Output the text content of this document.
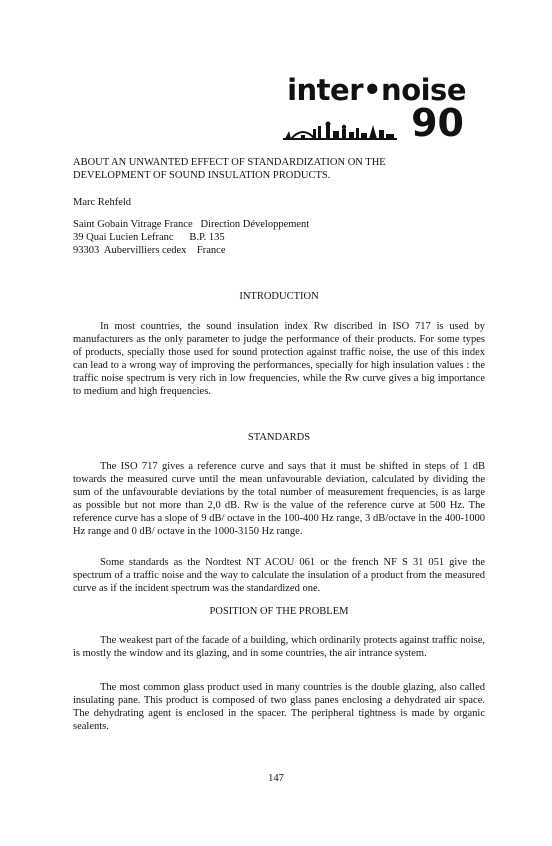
inter•noise
90
ABOUT AN UNWANTED EFFECT OF STANDARDIZATION ON THE
DEVELOPMENT OF SOUND INSULATION PRODUCTS.
Marc Rehfeld
Saint Gobain Vitrage France   Direction Développement
39 Quai Lucien Lefranc      B.P. 135
93303  Aubervilliers cedex    France
INTRODUCTION

In most countries, the sound insulation index Rw discribed in ISO 717 is used by manufacturers as the only parameter to judge the performance of their products. For some types of products, specially those used for sound protection against traffic noise, the use of this index can lead to a wrong way of improving the performances, specially for high insulation values : the traffic noise spectrum is very rich in low frequencies, while the Rw curve gives a big importance to medium and high frequencies.

STANDARDS

The ISO 717 gives a reference curve and says that it must be shifted in steps of 1 dB towards the measured curve until the mean unfavourable deviation, calculated by dividing the sum of the unfavourable deviations by the total number of measurement frequencies, is as large as possible but not more than 2,0 dB. Rw is the value of the reference curve at 500 Hz. The reference curve has a slope of 9 dB/ octave in the 100-400 Hz range, 3 dB/octave in the 400-1000 Hz range and 0 dB/ octave in the 1000-3150 Hz range.

Some standards as the Nordtest NT ACOU 061 or the french NF S 31 051 give the spectrum of a traffic noise and the way to calculate the insulation of a product from the measured curve as if the incident spectrum was the standardized one.

POSITION OF THE PROBLEM

The weakest part of the facade of a building, which ordinarily protects against traffic noise, is mostly the window and its glazing, and in some countries, the air intrance system.

The most common glass product used in many countries is the double glazing, also called insulating pane. This product is composed of two glass panes enclosing a dehydrated air space. The dehydrating agent is enclosed in the spacer. The peripheral tightness is made by organic sealents.

147
